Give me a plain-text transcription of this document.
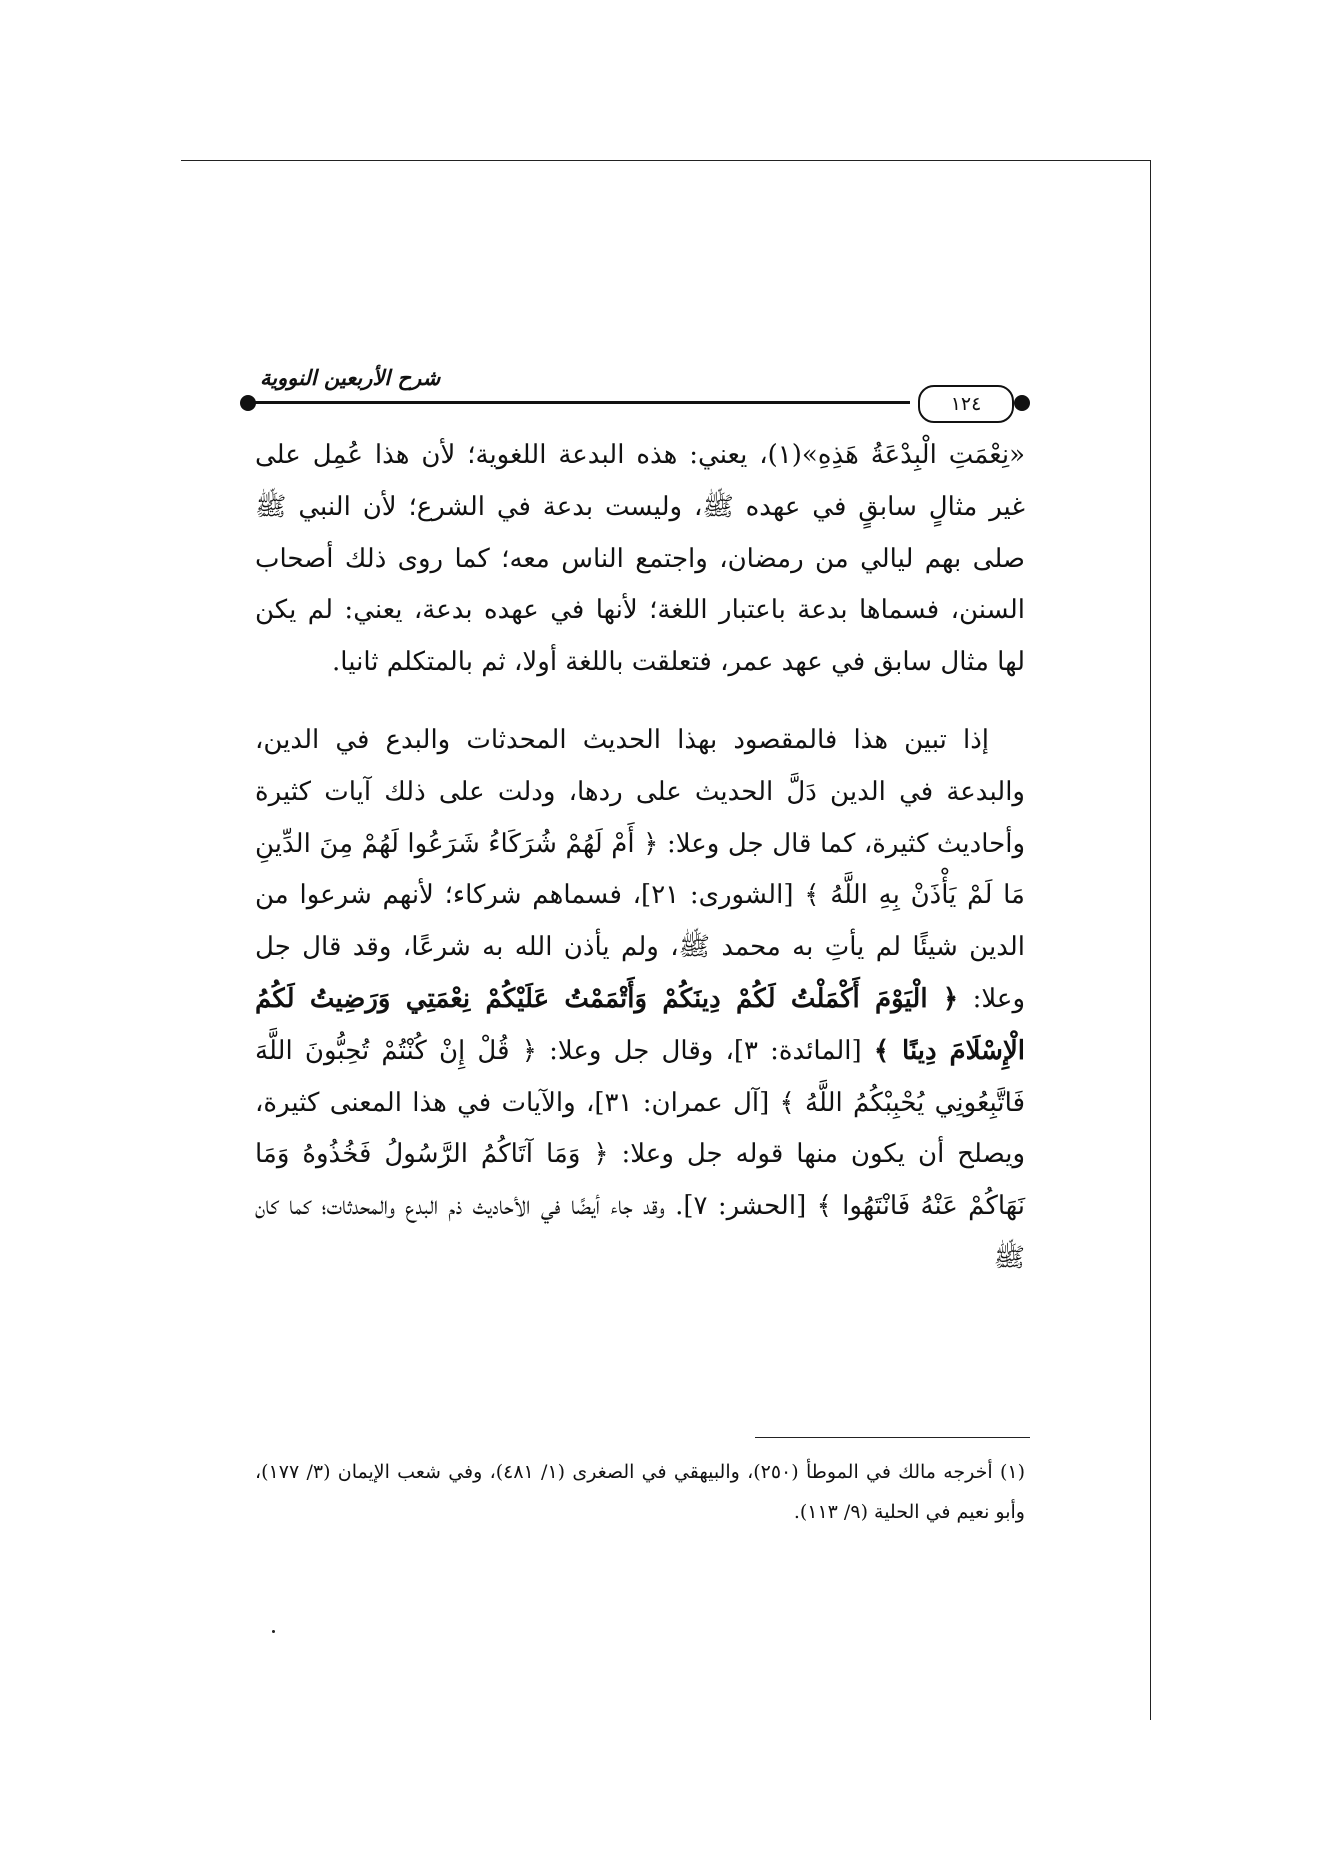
شرح الأربعين النووية
١٢٤

«نِعْمَتِ الْبِدْعَةُ هَذِهِ»(١)، يعني: هذه البدعة اللغوية؛ لأن هذا عُمِل على غير مثالٍ سابقٍ في عهده ﷺ، وليست بدعة في الشرع؛ لأن النبي ﷺ صلى بهم ليالي من رمضان، واجتمع الناس معه؛ كما روى ذلك أصحاب السنن، فسماها بدعة باعتبار اللغة؛ لأنها في عهده بدعة، يعني: لم يكن لها مثال سابق في عهد عمر، فتعلقت باللغة أولا، ثم بالمتكلم ثانيا.

إذا تبين هذا فالمقصود بهذا الحديث المحدثات والبدع في الدين، والبدعة في الدين دَلَّ الحديث على ردها، ودلت على ذلك آيات كثيرة وأحاديث كثيرة، كما قال جل وعلا: ﴿ أَمْ لَهُمْ شُرَكَاءُ شَرَعُوا لَهُمْ مِنَ الدِّينِ مَا لَمْ يَأْذَنْ بِهِ اللَّهُ ﴾ [الشورى: ٢١]، فسماهم شركاء؛ لأنهم شرعوا من الدين شيئًا لم يأتِ به محمد ﷺ، ولم يأذن الله به شرعًا، وقد قال جل وعلا: ﴿ الْيَوْمَ أَكْمَلْتُ لَكُمْ دِينَكُمْ وَأَتْمَمْتُ عَلَيْكُمْ نِعْمَتِي وَرَضِيتُ لَكُمُ الْإِسْلَامَ دِينًا ﴾ [المائدة: ٣]، وقال جل وعلا: ﴿ قُلْ إِنْ كُنْتُمْ تُحِبُّونَ اللَّهَ فَاتَّبِعُونِي يُحْبِبْكُمُ اللَّهُ ﴾ [آل عمران: ٣١]، والآيات في هذا المعنى كثيرة، ويصلح أن يكون منها قوله جل وعلا: ﴿ وَمَا آتَاكُمُ الرَّسُولُ فَخُذُوهُ وَمَا نَهَاكُمْ عَنْهُ فَانْتَهُوا ﴾ [الحشر: ٧]. وقد جاء أيضًا في الأحاديث ذم البدع والمحدثات؛ كما كان ﷺ

(١) أخرجه مالك في الموطأ (٢٥٠)، والبيهقي في الصغرى (١/ ٤٨١)، وفي شعب الإيمان (٣/ ١٧٧)، وأبو نعيم في الحلية (٩/ ١١٣).
